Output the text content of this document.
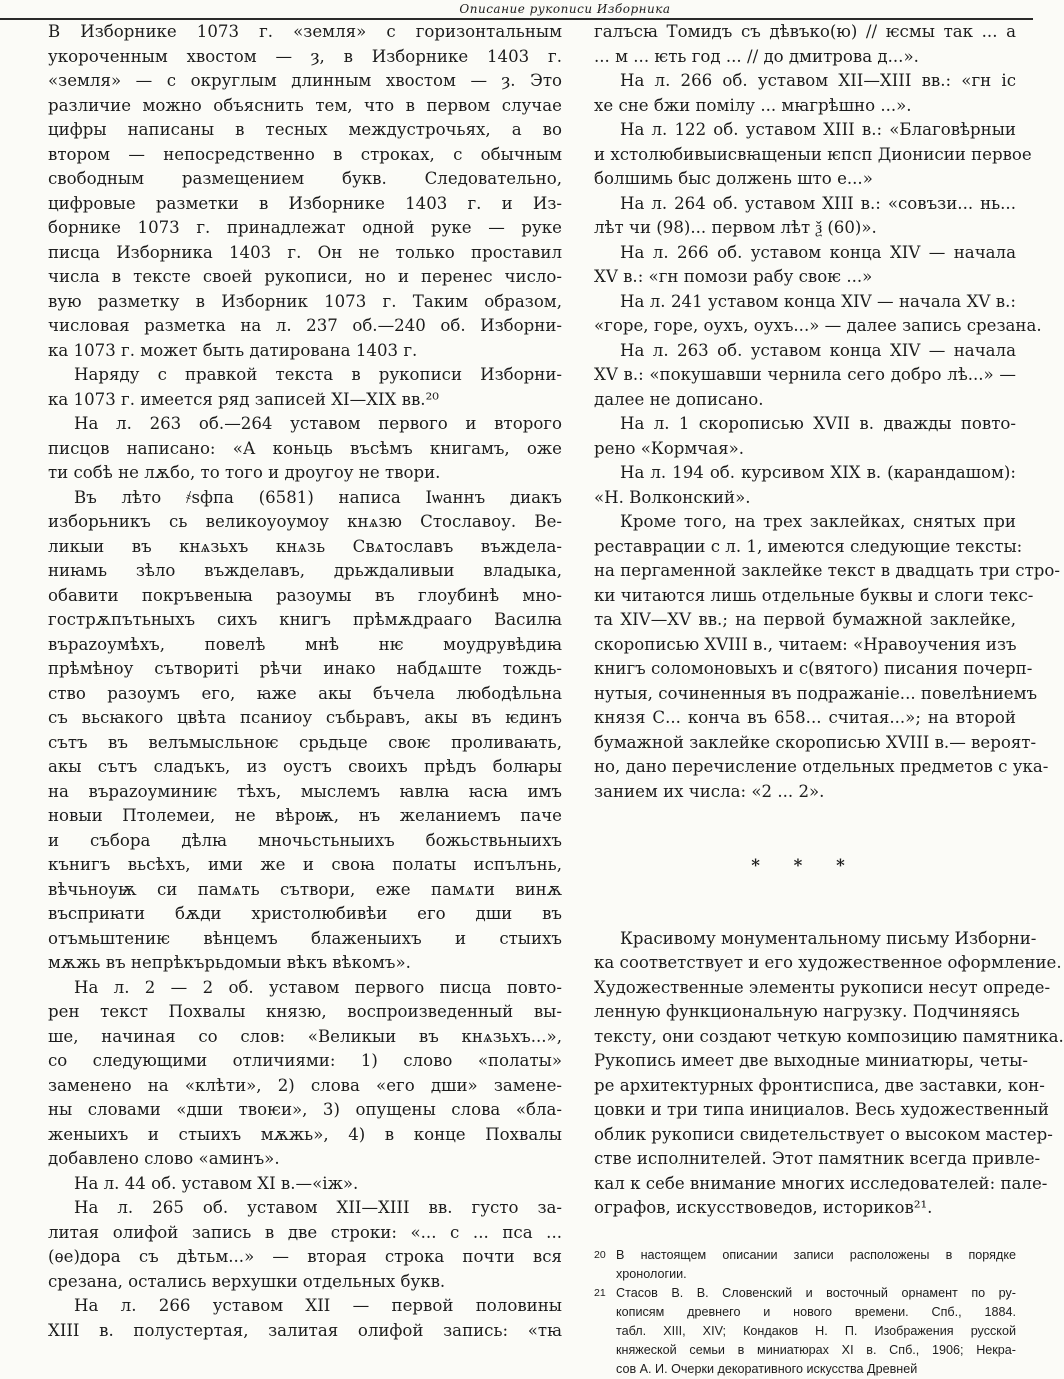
Описание рукописи Изборника
В Изборнике 1073 г. «земля» с горизонтальным
укороченным хвостом — ȝ, в Изборнике 1403 г.
«земля» — с округлым длинным хвостом — ȝ. Это
различие можно объяснить тем, что в первом случае
цифры написаны в тесных междустрочьях, а во
втором — непосредственно в строках, с обычным
свободным размещением букв. Следовательно,
цифровые разметки в Изборнике 1403 г. и Из-
борнике 1073 г. принадлежат одной руке — руке
писца Изборника 1403 г. Он не только проставил
числа в тексте своей рукописи, но и перенес число-
вую разметку в Изборник 1073 г. Таким образом,
числовая разметка на л. 237 об.—240 об. Изборни-
ка 1073 г. может быть датирована 1403 г.
Наряду с правкой текста в рукописи Изборни-
ка 1073 г. имеется ряд записей XI—XIX вв.²⁰
На л. 263 об.—264 уставом первого и второго
писцов написано: «А коньць въсѣмъ книгамъ, оже
ти собѣ не лѫбо, то того и дроугоу не твори.
Въ лѣто ҂ѕфпа (6581) написа Іѡаннъ диакъ
изборьникъ сь великоуоумоу кнѧзю Стославоу. Ве-
ликыи въ кнѧзьхъ кнѧзь Свѧтославъ въждела-
ниꙗмь зѣло въжделавъ, дрьждаливыи владыка,
обавити покръвеныꙗ разоумы въ глоубинѣ мно-
гострѫпътьныхъ сихъ книгъ прѣмѫдрааго Василꙗ
върazoумѣхъ, повелѣ мнѣ нѥ моудрувѣдиꙗ
прѣмѣноу сътворитi рѣчи инако набдѧште тождь-
ство разоумъ его, ꙗже акы бъчела любодѣльна
съ вьсꙗкого цвѣта псаниоу събьравъ, акы въ ѥдинъ
сътъ въ велъмысльноѥ срьдьце своѥ проливаꙗть,
акы сътъ сладъкъ, из оустъ своихъ прѣдъ болꙗры
на върazoуминиѥ тѣхъ, мыслемъ ꙗвлꙗ ꙗсꙗ имъ
новыи Птолемеи, не вѣроѭ, нъ желаниемъ паче
и събора дѣлꙗ мночьстьныихъ божьствьныихъ
кънигъ вьсѣхъ, ими же и своꙗ полаты испълънь,
вѣчьноуѭ си памѧть сътвори, еже памѧти винѫ
въсприꙗти бѫди христолюбивѣи его дши въ
отъмьштениѥ вѣнцемъ блаженыихъ и стыихъ
мѫжь въ непрѣкърьдомыи вѣкъ вѣкомъ».
На л. 2 — 2 об. уставом первого писца повто-
рен текст Похвалы князю, воспроизведенный вы-
ше, начиная со слов: «Великыи въ кнѧзьхъ...»,
со следующими отличиями: 1) слово «полаты»
заменено на «клѣти», 2) слова «его дши» замене-
ны словами «дши твоѥи», 3) опущены слова «бла-
женыихъ и стыихъ мѫжь», 4) в конце Похвалы
добавлено слово «аминъ».
На л. 44 об. уставом XI в.—«іж».
На л. 265 об. уставом XII—XIII вв. густо за-
литая олифой запись в две строки: «... с ... пса ...
(ѳе)дора съ дѣтьм...» — вторая строка почти вся
срезана, остались верхушки отдельных букв.
На л. 266 уставом XII — первой половины
XIII в. полустертая, залитая олифой запись: «тꙗ
галъсꙗ Томидъ съ дѣвъко(ю) // ѥсмы так ... а
... м ... ѥть год ... // до дмитрова д...».
На л. 266 об. уставом XII—XIII вв.: «гн іс
хе сне бжи помілу ... мꙗгрѣшно ...».
На л. 122 об. уставом XIII в.: «Благовѣрныи
и хстолюбивыисвꙗщеныи ѥпсп Дионисии первое
болшимь быс должень што е...»
На л. 264 об. уставом XIII в.: «совъзи... нь...
лѣт чи (98)... первом лѣт ѯ (60)».
На л. 266 об. уставом конца XIV — начала
XV в.: «гн помози рабу своѥ ...»
На л. 241 уставом конца XIV — начала XV в.:
«горе, горе, оухъ, оухъ...» — далее запись срезана.
На л. 263 об. уставом конца XIV — начала
XV в.: «покушавши чернила сего добро лѣ...» —
далее не дописано.
На л. 1 скорописью XVII в. дважды повто-
рено «Кормчая».
На л. 194 об. курсивом XIX в. (карандашом):
«Н. Волконский».
Кроме того, на трех заклейках, снятых при
реставрации с л. 1, имеются следующие тексты:
на пергаменной заклейке текст в двадцать три стро-
ки читаются лишь отдельные буквы и слоги текс-
та XIV—XV вв.; на первой бумажной заклейке,
скорописью XVIII в., читаем: «Нравоучения изъ
книгъ соломоновыхъ и с(вятого) писания почерп-
нутыя, сочиненныя въ подражаніе... повелѣниемъ
князя С... конча въ 658... считая...»; на второй
бумажной заклейке скорописью XVIII в.— вероят-
но, дано перечисление отдельных предметов с ука-
занием их числа: «2 ... 2».
* * *
Красивому монументальному письму Изборни-
ка соответствует и его художественное оформление.
Художественные элементы рукописи несут опреде-
ленную функциональную нагрузку. Подчиняясь
тексту, они создают четкую композицию памятника.
Рукопись имеет две выходные миниатюры, четы-
ре архитектурных фронтисписа, две заставки, кон-
цовки и три типа инициалов. Весь художественный
облик рукописи свидетельствует о высоком мастер-
стве исполнителей. Этот памятник всегда привле-
кал к себе внимание многих исследователей: пале-
ографов, искусствоведов, историков²¹.
20 В настоящем описании записи расположены в порядке
хронологии.
21 Стасов В. В. Словенский и восточный орнамент по ру-
кописям древнего и нового времени. Спб., 1884.
табл. XIII, XIV; Кондаков Н. П. Изображения русской
княжеской семьи в миниатюрах XI в. Спб., 1906; Некра-
сов А. И. Очерки декоративного искусства Древней
